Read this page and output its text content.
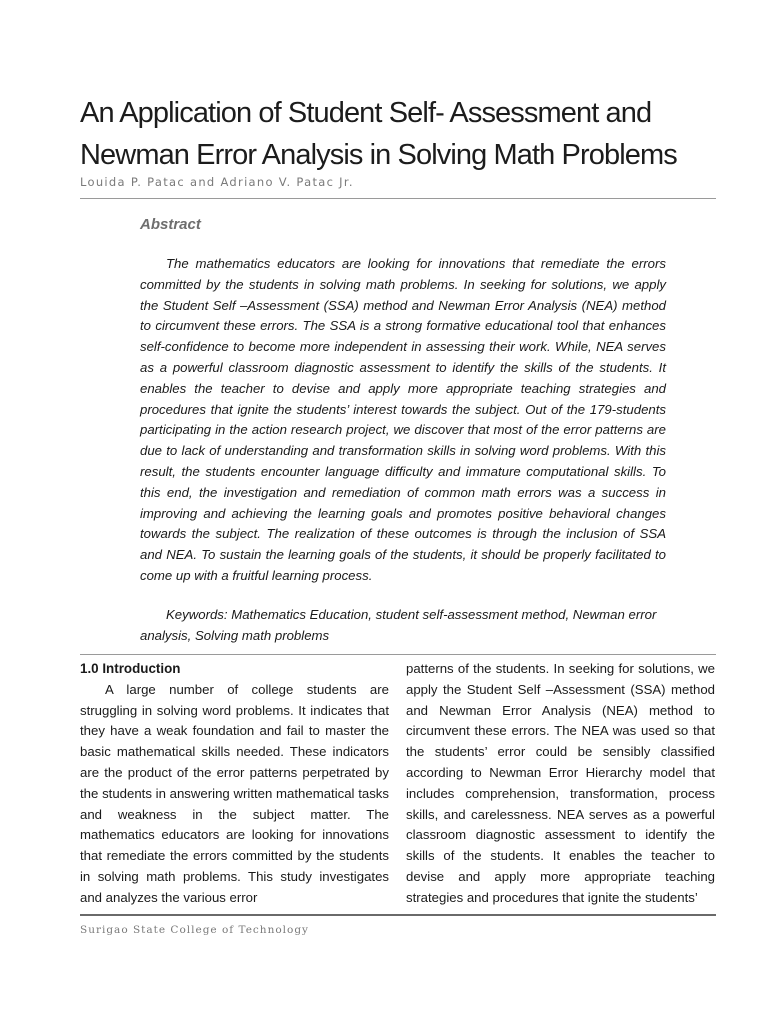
An Application of Student Self- Assessment and Newman Error Analysis in Solving Math Problems
Louida P. Patac and Adriano V. Patac Jr.
Abstract

The mathematics educators are looking for innovations that remediate the errors committed by the students in solving math problems. In seeking for solutions, we apply the Student Self –Assessment (SSA) method and Newman Error Analysis (NEA) method to circumvent these errors. The SSA is a strong formative educational tool that enhances self-confidence to become more independent in assessing their work. While, NEA serves as a powerful classroom diagnostic assessment to identify the skills of the students. It enables the teacher to devise and apply more appropriate teaching strategies and procedures that ignite the students’ interest towards the subject. Out of the 179-students participating in the action research project, we discover that most of the error patterns are due to lack of understanding and transformation skills in solving word problems. With this result, the students encounter language difficulty and immature computational skills. To this end, the investigation and remediation of common math errors was a success in improving and achieving the learning goals and promotes positive behavioral changes towards the subject. The realization of these outcomes is through the inclusion of SSA and NEA. To sustain the learning goals of the students, it should be properly facilitated to come up with a fruitful learning process.

Keywords: Mathematics Education, student self-assessment method, Newman error analysis, Solving math problems

1.0 Introduction

A large number of college students are struggling in solving word problems. It indicates that they have a weak foundation and fail to master the basic mathematical skills needed. These indicators are the product of the error patterns perpetrated by the students in answering written mathematical tasks and weakness in the subject matter. The mathematics educators are looking for innovations that remediate the errors committed by the students in solving math problems. This study investigates and analyzes the various error

patterns of the students. In seeking for solutions, we apply the Student Self –Assessment (SSA) method and Newman Error Analysis (NEA) method to circumvent these errors. The NEA was used so that the students’ error could be sensibly classified according to Newman Error Hierarchy model that includes comprehension, transformation, process skills, and carelessness. NEA serves as a powerful classroom diagnostic assessment to identify the skills of the students. It enables the teacher to devise and apply more appropriate teaching strategies and procedures that ignite the students’

Surigao State College of Technology
